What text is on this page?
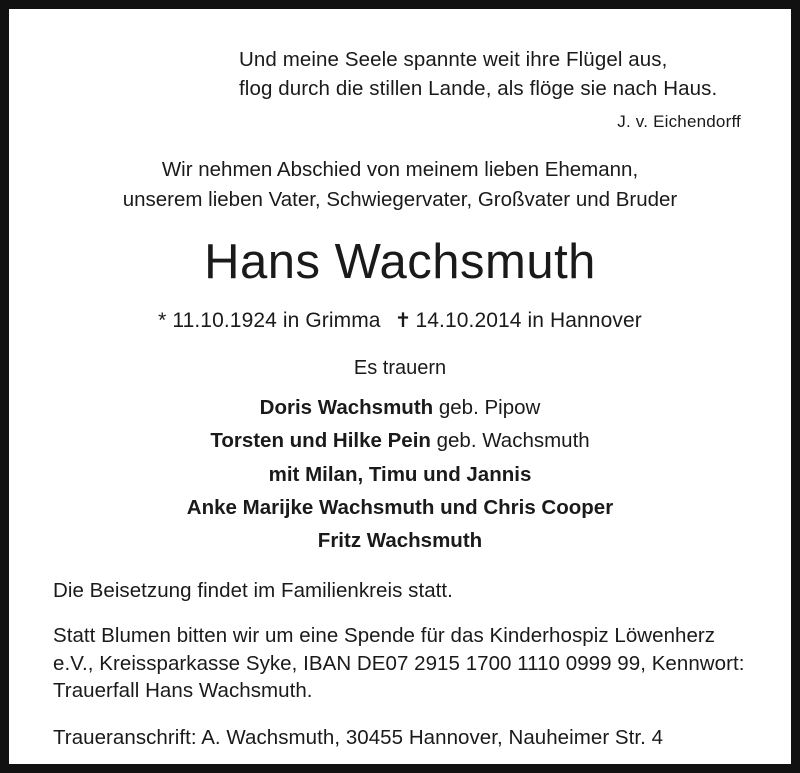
Und meine Seele spannte weit ihre Flügel aus,
flog durch die stillen Lande, als flöge sie nach Haus.
J. v. Eichendorff
Wir nehmen Abschied von meinem lieben Ehemann,
unserem lieben Vater, Schwiegervater, Großvater und Bruder
Hans Wachsmuth
* 11.10.1924 in Grimma ✝ 14.10.2014 in Hannover
Es trauern
Doris Wachsmuth geb. Pipow
Torsten und Hilke Pein geb. Wachsmuth
mit Milan, Timu und Jannis
Anke Marijke Wachsmuth und Chris Cooper
Fritz Wachsmuth
Die Beisetzung findet im Familienkreis statt.
Statt Blumen bitten wir um eine Spende für das Kinderhospiz Löwenherz e.V., Kreissparkasse Syke, IBAN DE07 2915 1700 1110 0999 99, Kennwort: Trauerfall Hans Wachsmuth.
Traueranschrift: A. Wachsmuth, 30455 Hannover, Nauheimer Str. 4
